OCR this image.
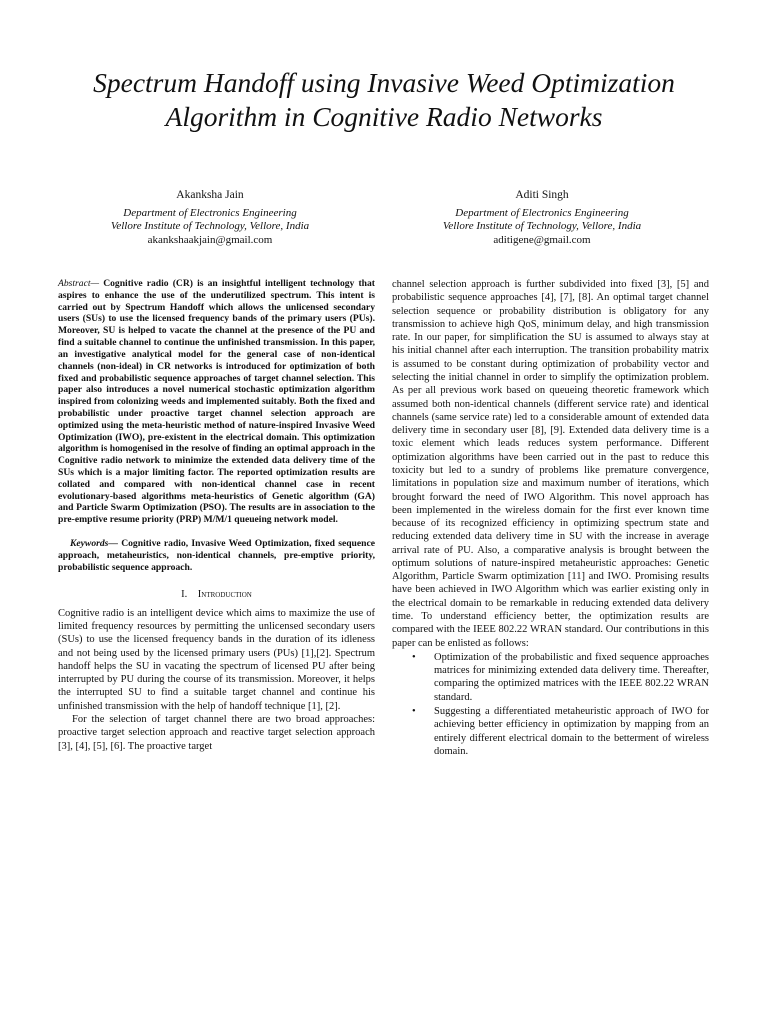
Spectrum Handoff using Invasive Weed Optimization Algorithm in Cognitive Radio Networks
Akanksha Jain
Department of Electronics Engineering
Vellore Institute of Technology, Vellore, India
akankshaakjain@gmail.com
Aditi Singh
Department of Electronics Engineering
Vellore Institute of Technology, Vellore, India
aditigene@gmail.com

Abstract— Cognitive radio (CR) is an insightful intelligent technology that aspires to enhance the use of the underutilized spectrum. This intent is carried out by Spectrum Handoff which allows the unlicensed secondary users (SUs) to use the licensed frequency bands of the primary users (PUs). Moreover, SU is helped to vacate the channel at the presence of the PU and find a suitable channel to continue the unfinished transmission. In this paper, an investigative analytical model for the general case of non-identical channels (non-ideal) in CR networks is introduced for optimization of both fixed and probabilistic sequence approaches of target channel selection. This paper also introduces a novel numerical stochastic optimization algorithm inspired from colonizing weeds and implemented suitably. Both the fixed and probabilistic under proactive target channel selection approach are optimized using the meta-heuristic method of nature-inspired Invasive Weed Optimization (IWO), pre-existent in the electrical domain. This optimization algorithm is homogenised in the resolve of finding an optimal approach in the Cognitive radio network to minimize the extended data delivery time of the SUs which is a major limiting factor. The reported optimization results are collated and compared with non-identical channel case in recent evolutionary-based algorithms meta-heuristics of Genetic algorithm (GA) and Particle Swarm Optimization (PSO). The results are in association to the pre-emptive resume priority (PRP) M/M/1 queueing network model.

Keywords— Cognitive radio, Invasive Weed Optimization, fixed sequence approach, metaheuristics, non-identical channels, pre-emptive priority, probabilistic sequence approach.

I. Introduction

Cognitive radio is an intelligent device which aims to maximize the use of limited frequency resources by permitting the unlicensed secondary users (SUs) to use the licensed frequency bands in the duration of its idleness and not being used by the licensed primary users (PUs) [1],[2]. Spectrum handoff helps the SU in vacating the spectrum of licensed PU after being interrupted by PU during the course of its transmission. Moreover, it helps the interrupted SU to find a suitable target channel and continue his unfinished transmission with the help of handoff technique [1], [2].

For the selection of target channel there are two broad approaches: proactive target selection approach and reactive target selection approach [3], [4], [5], [6]. The proactive target

channel selection approach is further subdivided into fixed [3], [5] and probabilistic sequence approaches [4], [7], [8]. An optimal target channel selection sequence or probability distribution is obligatory for any transmission to achieve high QoS, minimum delay, and high transmission rate. In our paper, for simplification the SU is assumed to always stay at his initial channel after each interruption. The transition probability matrix is assumed to be constant during optimization of probability vector and selecting the initial channel in order to simplify the optimization problem. As per all previous work based on queueing theoretic framework which assumed both non-identical channels (different service rate) and identical channels (same service rate) led to a considerable amount of extended data delivery time in secondary user [8], [9]. Extended data delivery time is a toxic element which leads reduces system performance. Different optimization algorithms have been carried out in the past to reduce this toxicity but led to a sundry of problems like premature convergence, limitations in population size and maximum number of iterations, which brought forward the need of IWO Algorithm. This novel approach has been implemented in the wireless domain for the first ever known time because of its recognized efficiency in optimizing spectrum state and reducing extended data delivery time in SU with the increase in average arrival rate of PU. Also, a comparative analysis is brought between the optimum solutions of nature-inspired metaheuristic approaches: Genetic Algorithm, Particle Swarm optimization [11] and IWO. Promising results have been achieved in IWO Algorithm which was earlier existing only in the electrical domain to be remarkable in reducing extended data delivery time. To understand efficiency better, the optimization results are compared with the IEEE 802.22 WRAN standard. Our contributions in this paper can be enlisted as follows:

• Optimization of the probabilistic and fixed sequence approaches matrices for minimizing extended data delivery time. Thereafter, comparing the optimized matrices with the IEEE 802.22 WRAN standard.
• Suggesting a differentiated metaheuristic approach of IWO for achieving better efficiency in optimization by mapping from an entirely different electrical domain to the betterment of wireless domain.
